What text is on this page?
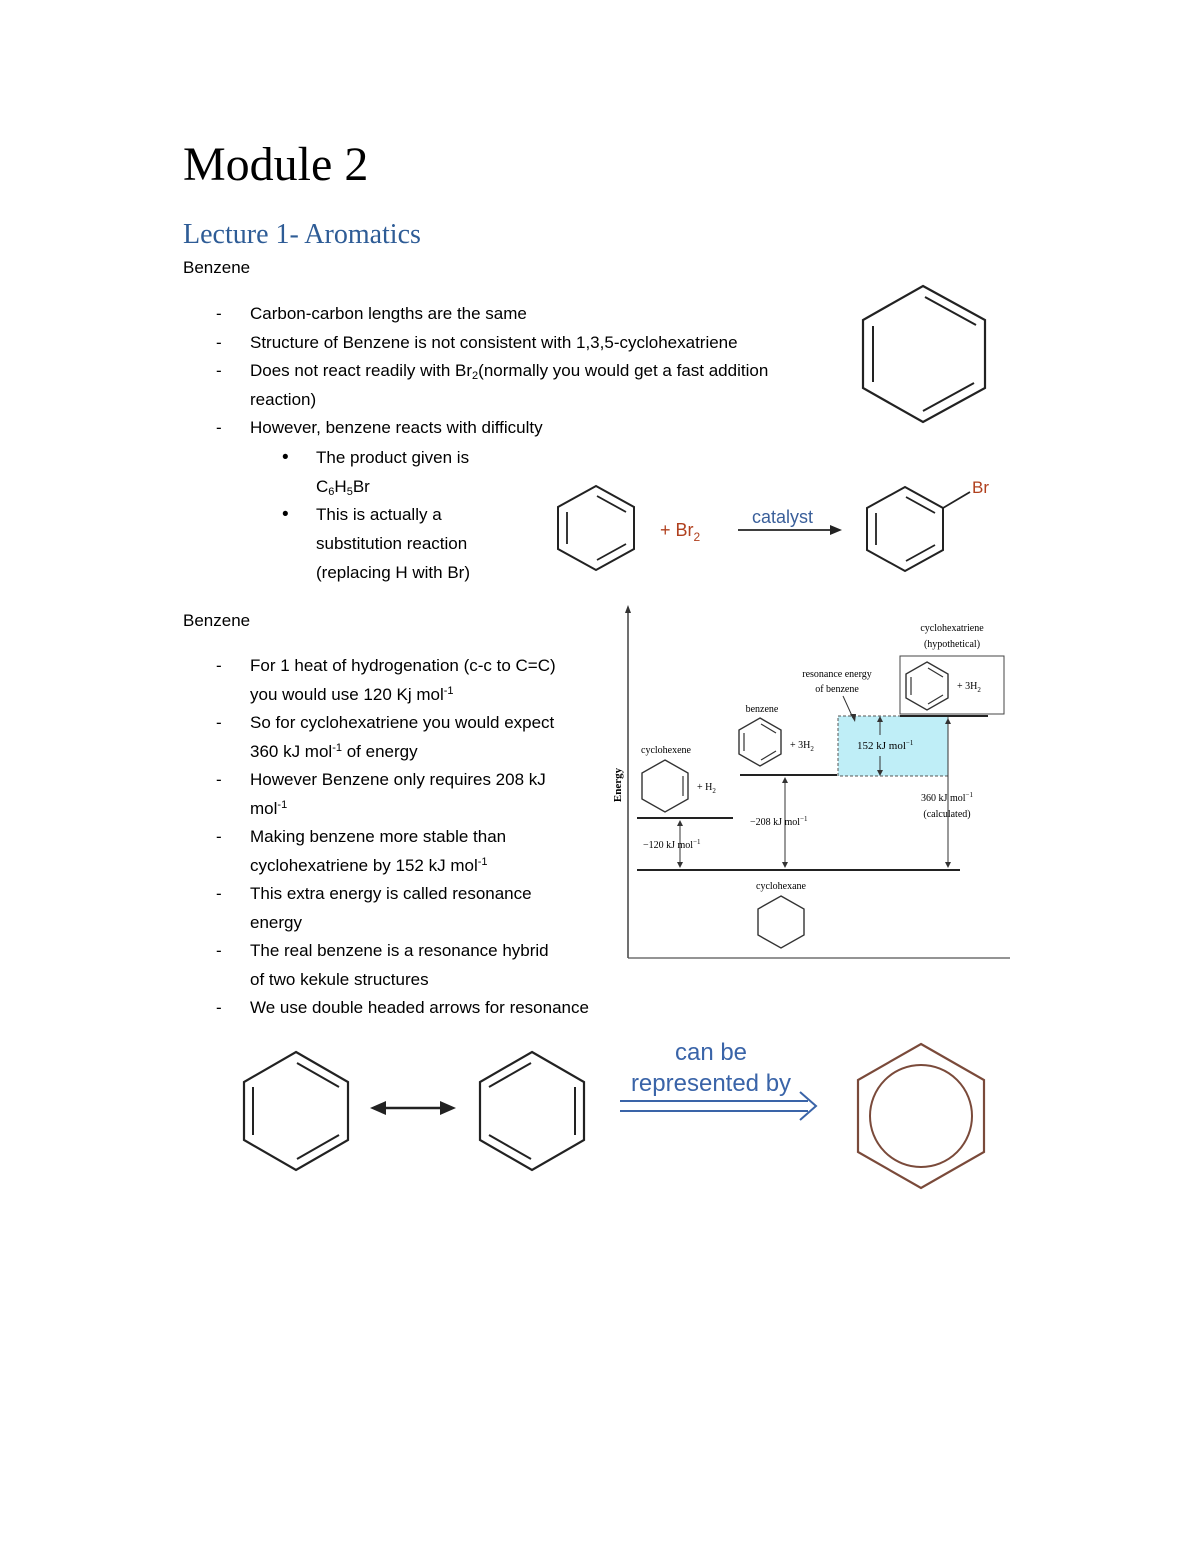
Module 2
Lecture 1- Aromatics
Benzene
- Carbon-carbon lengths are the same
- Structure of Benzene is not consistent with 1,3,5-cyclohexatriene
- Does not react readily with $Br_2(normally$ you would get a fast addition
reaction)
- However, benzene reacts with difficulty
• The product given is
$C_6H_5Br$
• This is actually a
substitution reaction
(replacing H with Br)
+ $Br_2$
catalyst
Br
Benzene
- For 1 heat of hydrogenation (c-c to C=C)
you would use 120 Kj mol$^{-1}$
- So for cyclohexatriene you would expect
360 kJ mol$^{-1}$ of energy
- However Benzene only requires 208 kJ
mol$^{-1}$
- Making benzene more stable than
cyclohexatriene by 152 kJ mol$^{-1}$
- This extra energy is called resonance
energy
- The real benzene is a resonance hybrid
of two kekule structures
- We use double headed arrows for resonance
Energy
152 kJ mol$^{-1}$
cyclohexatriene
(hypothetical)
+ $3H_2$
resonance energy
of benzene
benzene
+ $3H_2$
cyclohexene
+ $H_2$
−120 kJ mol$^{-1}$
−208 kJ mol$^{-1}$
360 kJ mol$^{-1}$
(calculated)
cyclohexane
can be
represented by
